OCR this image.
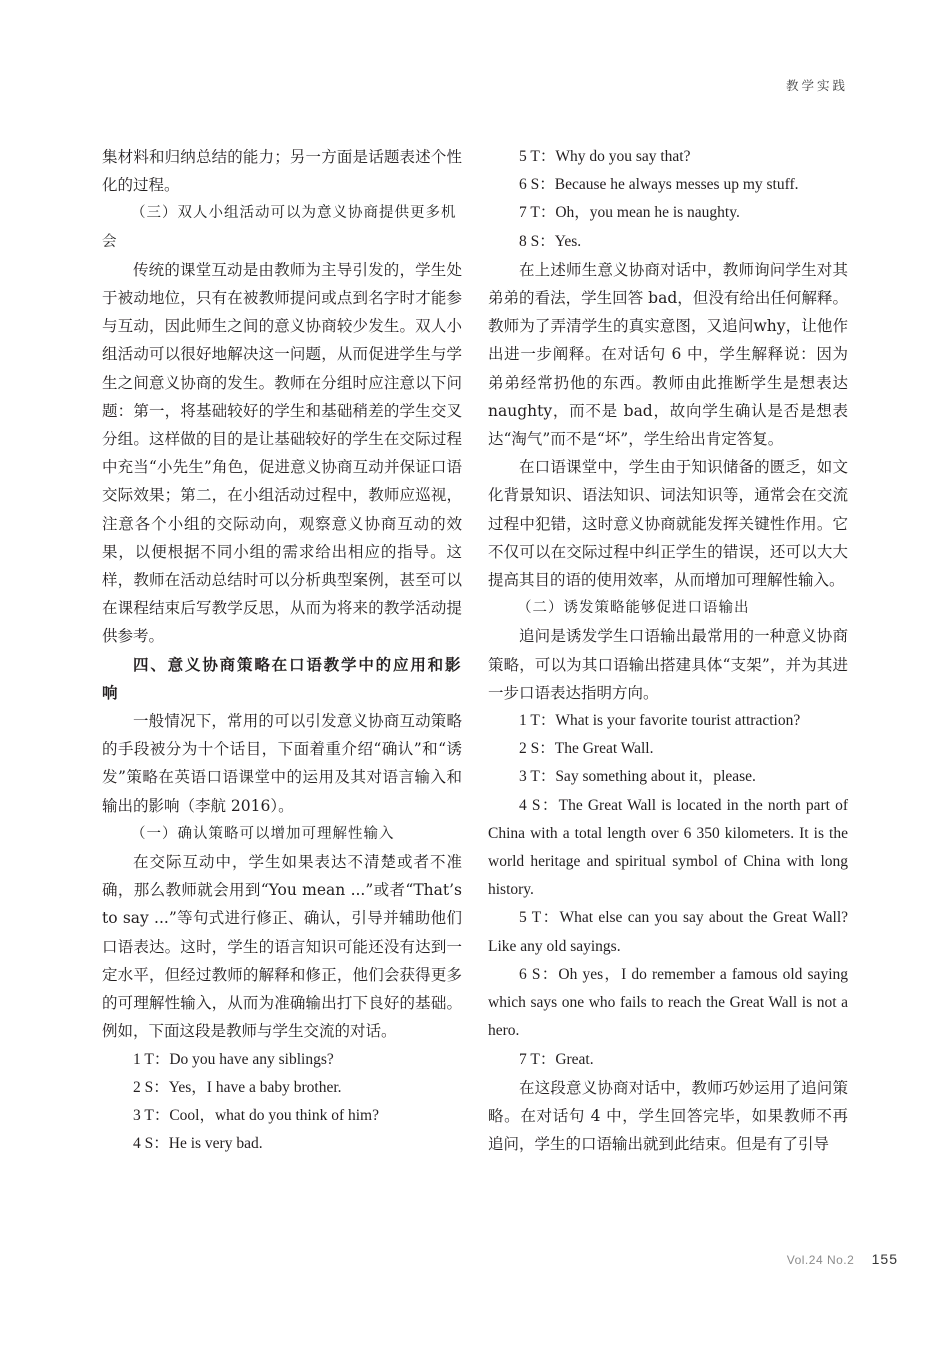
教学实践

集材料和归纳总结的能力；另一方面是话题表述个性化的过程。

（三）双人小组活动可以为意义协商提供更多机会

传统的课堂互动是由教师为主导引发的，学生处于被动地位，只有在被教师提问或点到名字时才能参与互动，因此师生之间的意义协商较少发生。双人小组活动可以很好地解决这一问题，从而促进学生与学生之间意义协商的发生。教师在分组时应注意以下问题：第一，将基础较好的学生和基础稍差的学生交叉分组。这样做的目的是让基础较好的学生在交际过程中充当“小先生”角色，促进意义协商互动并保证口语交际效果；第二，在小组活动过程中，教师应巡视，注意各个小组的交际动向，观察意义协商互动的效果，以便根据不同小组的需求给出相应的指导。这样，教师在活动总结时可以分析典型案例，甚至可以在课程结束后写教学反思，从而为将来的教学活动提供参考。

四、意义协商策略在口语教学中的应用和影响

一般情况下，常用的可以引发意义协商互动策略的手段被分为十个话目，下面着重介绍“确认”和“诱发”策略在英语口语课堂中的运用及其对语言输入和输出的影响（李航 2016）。

（一）确认策略可以增加可理解性输入

在交际互动中，学生如果表达不清楚或者不准确，那么教师就会用到“You mean ...”或者“That’s to say ...”等句式进行修正、确认，引导并辅助他们口语表达。这时，学生的语言知识可能还没有达到一定水平，但经过教师的解释和修正，他们会获得更多的可理解性输入，从而为准确输出打下良好的基础。例如，下面这段是教师与学生交流的对话。

1 T：Do you have any siblings?

2 S：Yes，I have a baby brother.

3 T：Cool，what do you think of him?

4 S：He is very bad.

5 T：Why do you say that?

6 S：Because he always messes up my stuff.

7 T：Oh，you mean he is naughty.

8 S：Yes.

在上述师生意义协商对话中，教师询问学生对其弟弟的看法，学生回答 bad，但没有给出任何解释。教师为了弄清学生的真实意图，又追问why，让他作出进一步阐释。在对话句 6 中，学生解释说：因为弟弟经常扔他的东西。教师由此推断学生是想表达 naughty，而不是 bad，故向学生确认是否是想表达“淘气”而不是“坏”，学生给出肯定答复。

在口语课堂中，学生由于知识储备的匮乏，如文化背景知识、语法知识、词法知识等，通常会在交流过程中犯错，这时意义协商就能发挥关键性作用。它不仅可以在交际过程中纠正学生的错误，还可以大大提高其目的语的使用效率，从而增加可理解性输入。

（二）诱发策略能够促进口语输出

追问是诱发学生口语输出最常用的一种意义协商策略，可以为其口语输出搭建具体“支架”，并为其进一步口语表达指明方向。

1 T：What is your favorite tourist attraction?

2 S：The Great Wall.

3 T：Say something about it，please.

4 S：The Great Wall is located in the north part of China with a total length over 6 350 kilometers. It is the world heritage and spiritual symbol of China with long history.

5 T：What else can you say about the Great Wall? Like any old sayings.

6 S：Oh yes，I do remember a famous old saying which says one who fails to reach the Great Wall is not a hero.

7 T：Great.

在这段意义协商对话中，教师巧妙运用了追问策略。在对话句 4 中，学生回答完毕，如果教师不再追问，学生的口语输出就到此结束。但是有了引导

Vol.24 No.2 155
